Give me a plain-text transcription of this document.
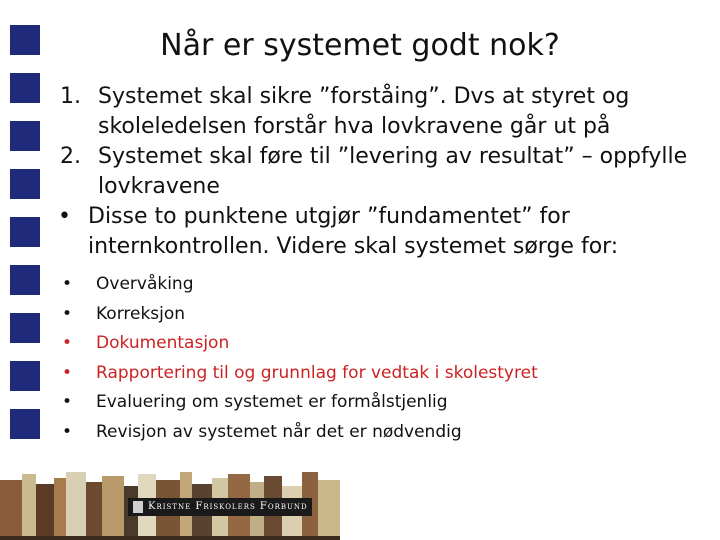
Når er systemet godt nok?
1. Systemet skal sikre ”forståing”. Dvs at styret og skoleledelsen forstår hva lovkravene går ut på
2. Systemet skal føre til ”levering av resultat” – oppfylle lovkravene
• Disse to punktene utgjør ”fundamentet” for internkontrollen. Videre skal systemet sørge for:
• Overvåking
• Korreksjon
• Dokumentasjon
• Rapportering til og grunnlag for vedtak i skolestyret
• Evaluering om systemet er formålstjenlig
• Revisjon av systemet når det er nødvendig
Kristne Friskolers Forbund
